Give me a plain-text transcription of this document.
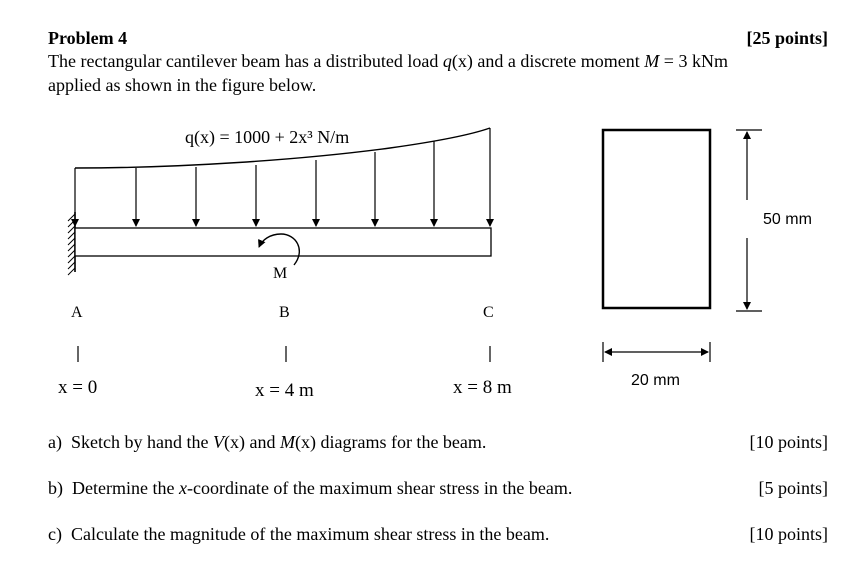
Problem 4	[25 points]
The rectangular cantilever beam has a distributed load q(x) and a discrete moment M = 3 kNm
applied as shown in the figure below.
q(x) = 1000 + 2x³ N/m
M
A	B	C
x = 0	x = 4 m	x = 8 m
50 mm
20 mm
a) Sketch by hand the V(x) and M(x) diagrams for the beam.	[10 points]
b) Determine the x-coordinate of the maximum shear stress in the beam.	[5 points]
c) Calculate the magnitude of the maximum shear stress in the beam.	[10 points]
